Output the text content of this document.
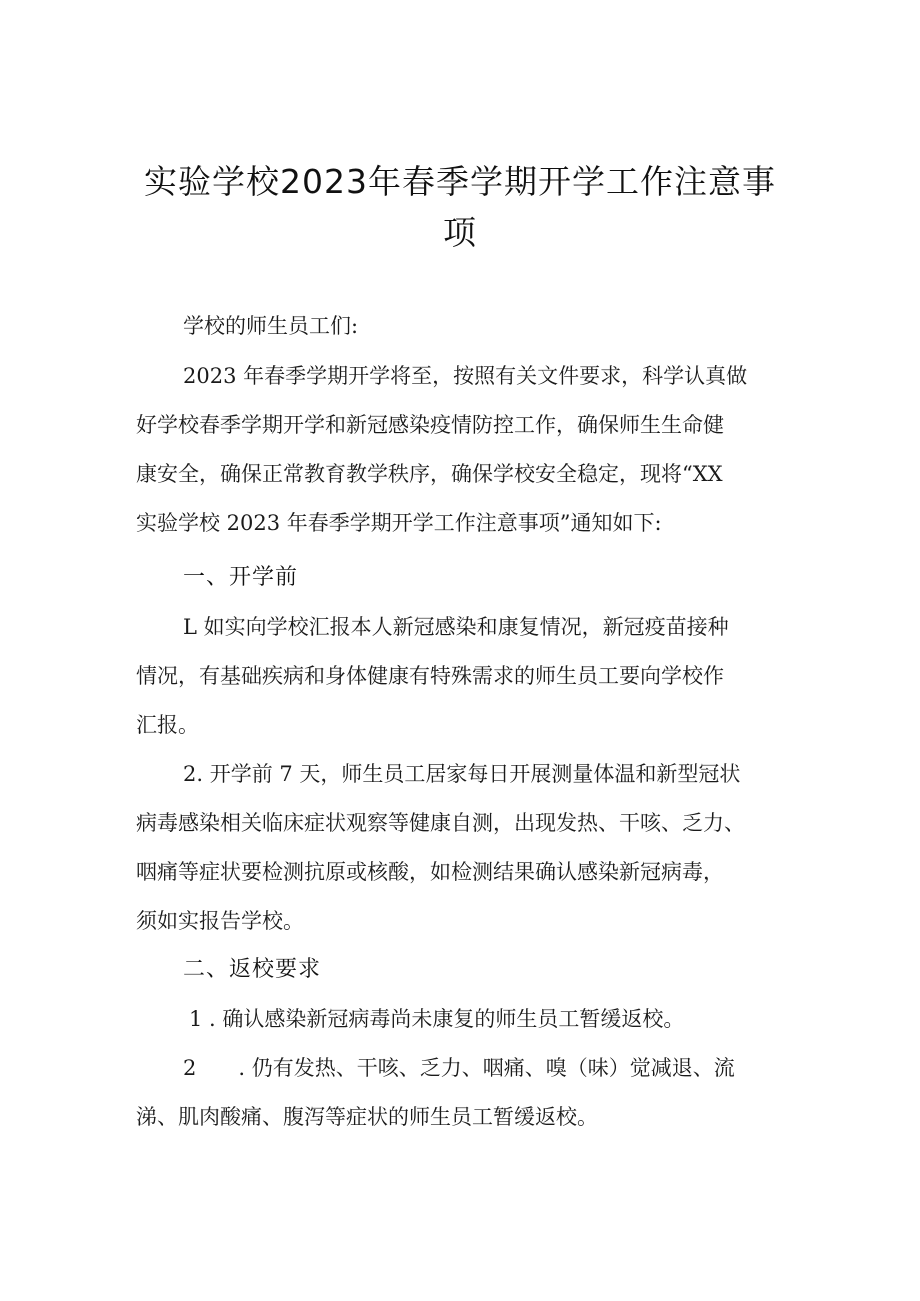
实验学校2023年春季学期开学工作注意事
项
学校的师生员工们:
2023 年春季学期开学将至，按照有关文件要求，科学认真做
好学校春季学期开学和新冠感染疫情防控工作，确保师生生命健
康安全，确保正常教育教学秩序，确保学校安全稳定，现将“XX
实验学校 2023 年春季学期开学工作注意事项”通知如下:
一、开学前
L 如实向学校汇报本人新冠感染和康复情况，新冠疫苗接种
情况，有基础疾病和身体健康有特殊需求的师生员工要向学校作
汇报。
2. 开学前 7 天，师生员工居家每日开展测量体温和新型冠状
病毒感染相关临床症状观察等健康自测，出现发热、干咳、乏力、
咽痛等症状要检测抗原或核酸，如检测结果确认感染新冠病毒，
须如实报告学校。
二、返校要求
1 . 确认感染新冠病毒尚未康复的师生员工暂缓返校。
2　　. 仍有发热、干咳、乏力、咽痛、嗅（味）觉减退、流
涕、肌肉酸痛、腹泻等症状的师生员工暂缓返校。
